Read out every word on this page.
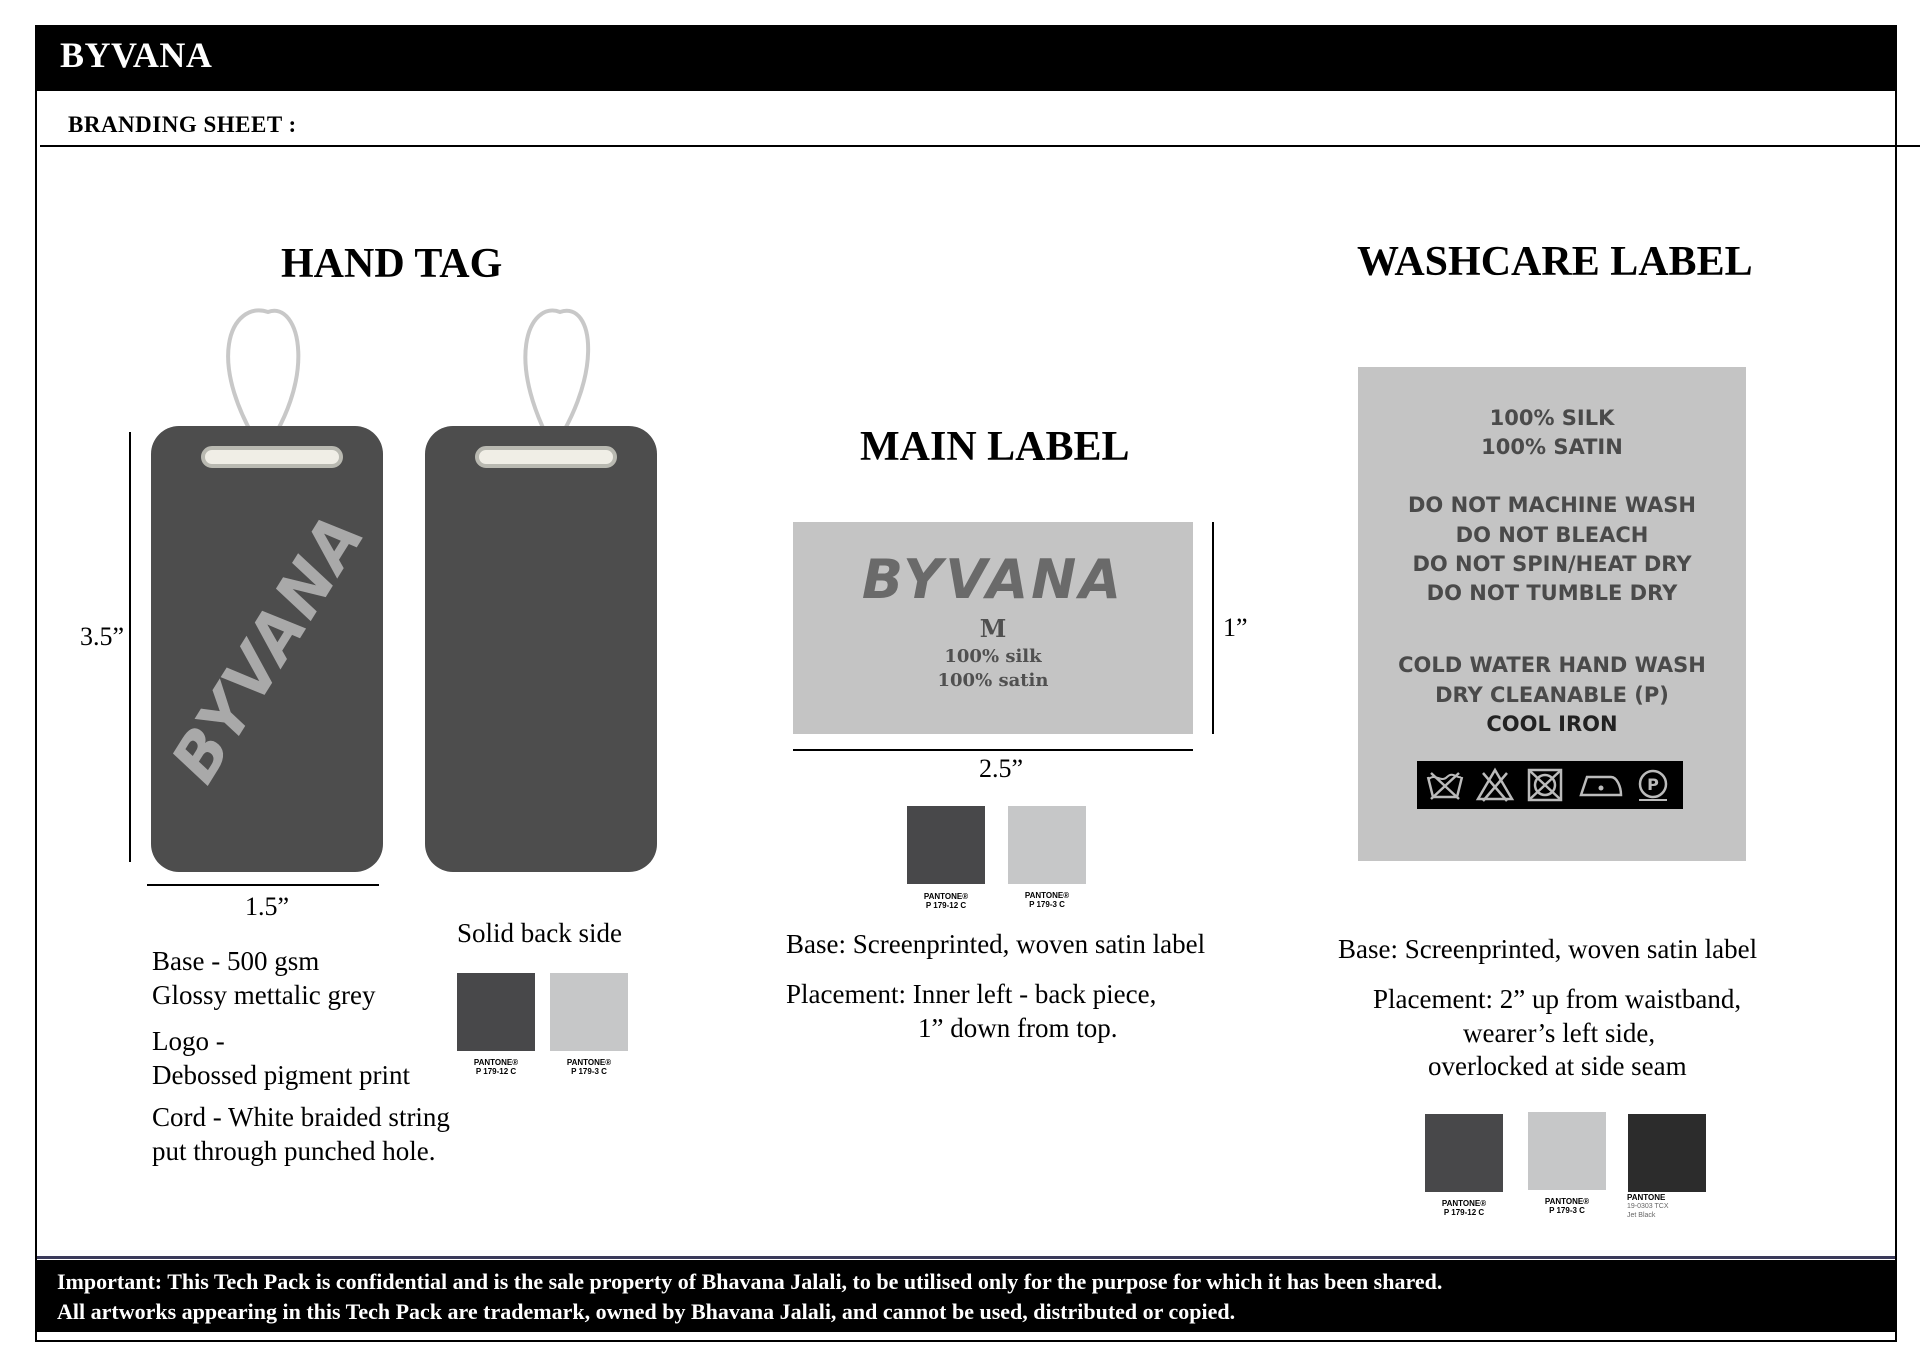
BYVANA
BRANDING SHEET :
HAND TAG
BYVANA
3.5”
1.5”
Base - 500 gsm
Glossy mettalic grey
Logo -
Debossed pigment print
Cord - White braided string
put through punched hole.
Solid back side
PANTONE®
P 179-12 C
PANTONE®
P 179-3 C
MAIN LABEL
BYVANA
M
100% silk
100% satin
1”
2.5”
PANTONE®
P 179-12 C
PANTONE®
P 179-3 C
Base: Screenprinted, woven satin label
Placement: Inner left - back piece,
1” down from top.
WASHCARE LABEL
100% SILK
100% SATIN
DO NOT MACHINE WASH
DO NOT BLEACH
DO NOT SPIN/HEAT DRY
DO NOT TUMBLE DRY
COLD WATER HAND WASH
DRY CLEANABLE (P)
COOL IRON
P
Base: Screenprinted, woven satin label
Placement: 2” up from waistband,
wearer’s left side,
overlocked at side seam
PANTONE®
P 179-12 C
PANTONE®
P 179-3 C
PANTONE
19-0303 TCX
Jet Black
Important: This Tech Pack is confidential and is the sale property of Bhavana Jalali, to be utilised only for the purpose for which it has been shared.
All artworks appearing in this Tech Pack are trademark, owned by Bhavana Jalali, and cannot be used, distributed or copied.
